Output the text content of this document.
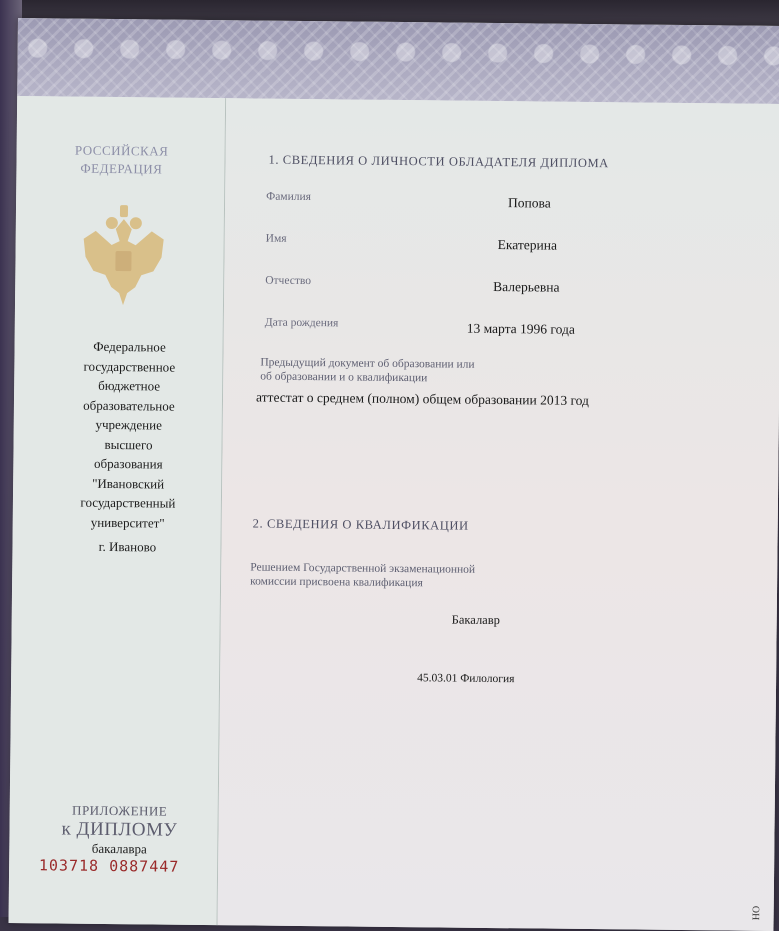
РОССИЙСКАЯ
ФЕДЕРАЦИЯ
Федеральное
государственное
бюджетное
образовательное
учреждение
высшего
образования
"Ивановский
государственный
университет"
г. Иваново
ПРИЛОЖЕНИЕ
к ДИПЛОМУ
бакалавра
103718 0887447
1. СВЕДЕНИЯ О ЛИЧНОСТИ ОБЛАДАТЕЛЯ ДИПЛОМА
Фамилия	Попова
Имя	Екатерина
Отчество	Валерьевна
Дата рождения	13 марта 1996 года
Предыдущий документ об образовании или
об образовании и о квалификации
аттестат о среднем (полном) общем образовании 2013 год
2. СВЕДЕНИЯ О КВАЛИФИКАЦИИ
Решением Государственной экзаменационной
комиссии присвоена квалификация
Бакалавр
45.03.01 Филология
ОН
